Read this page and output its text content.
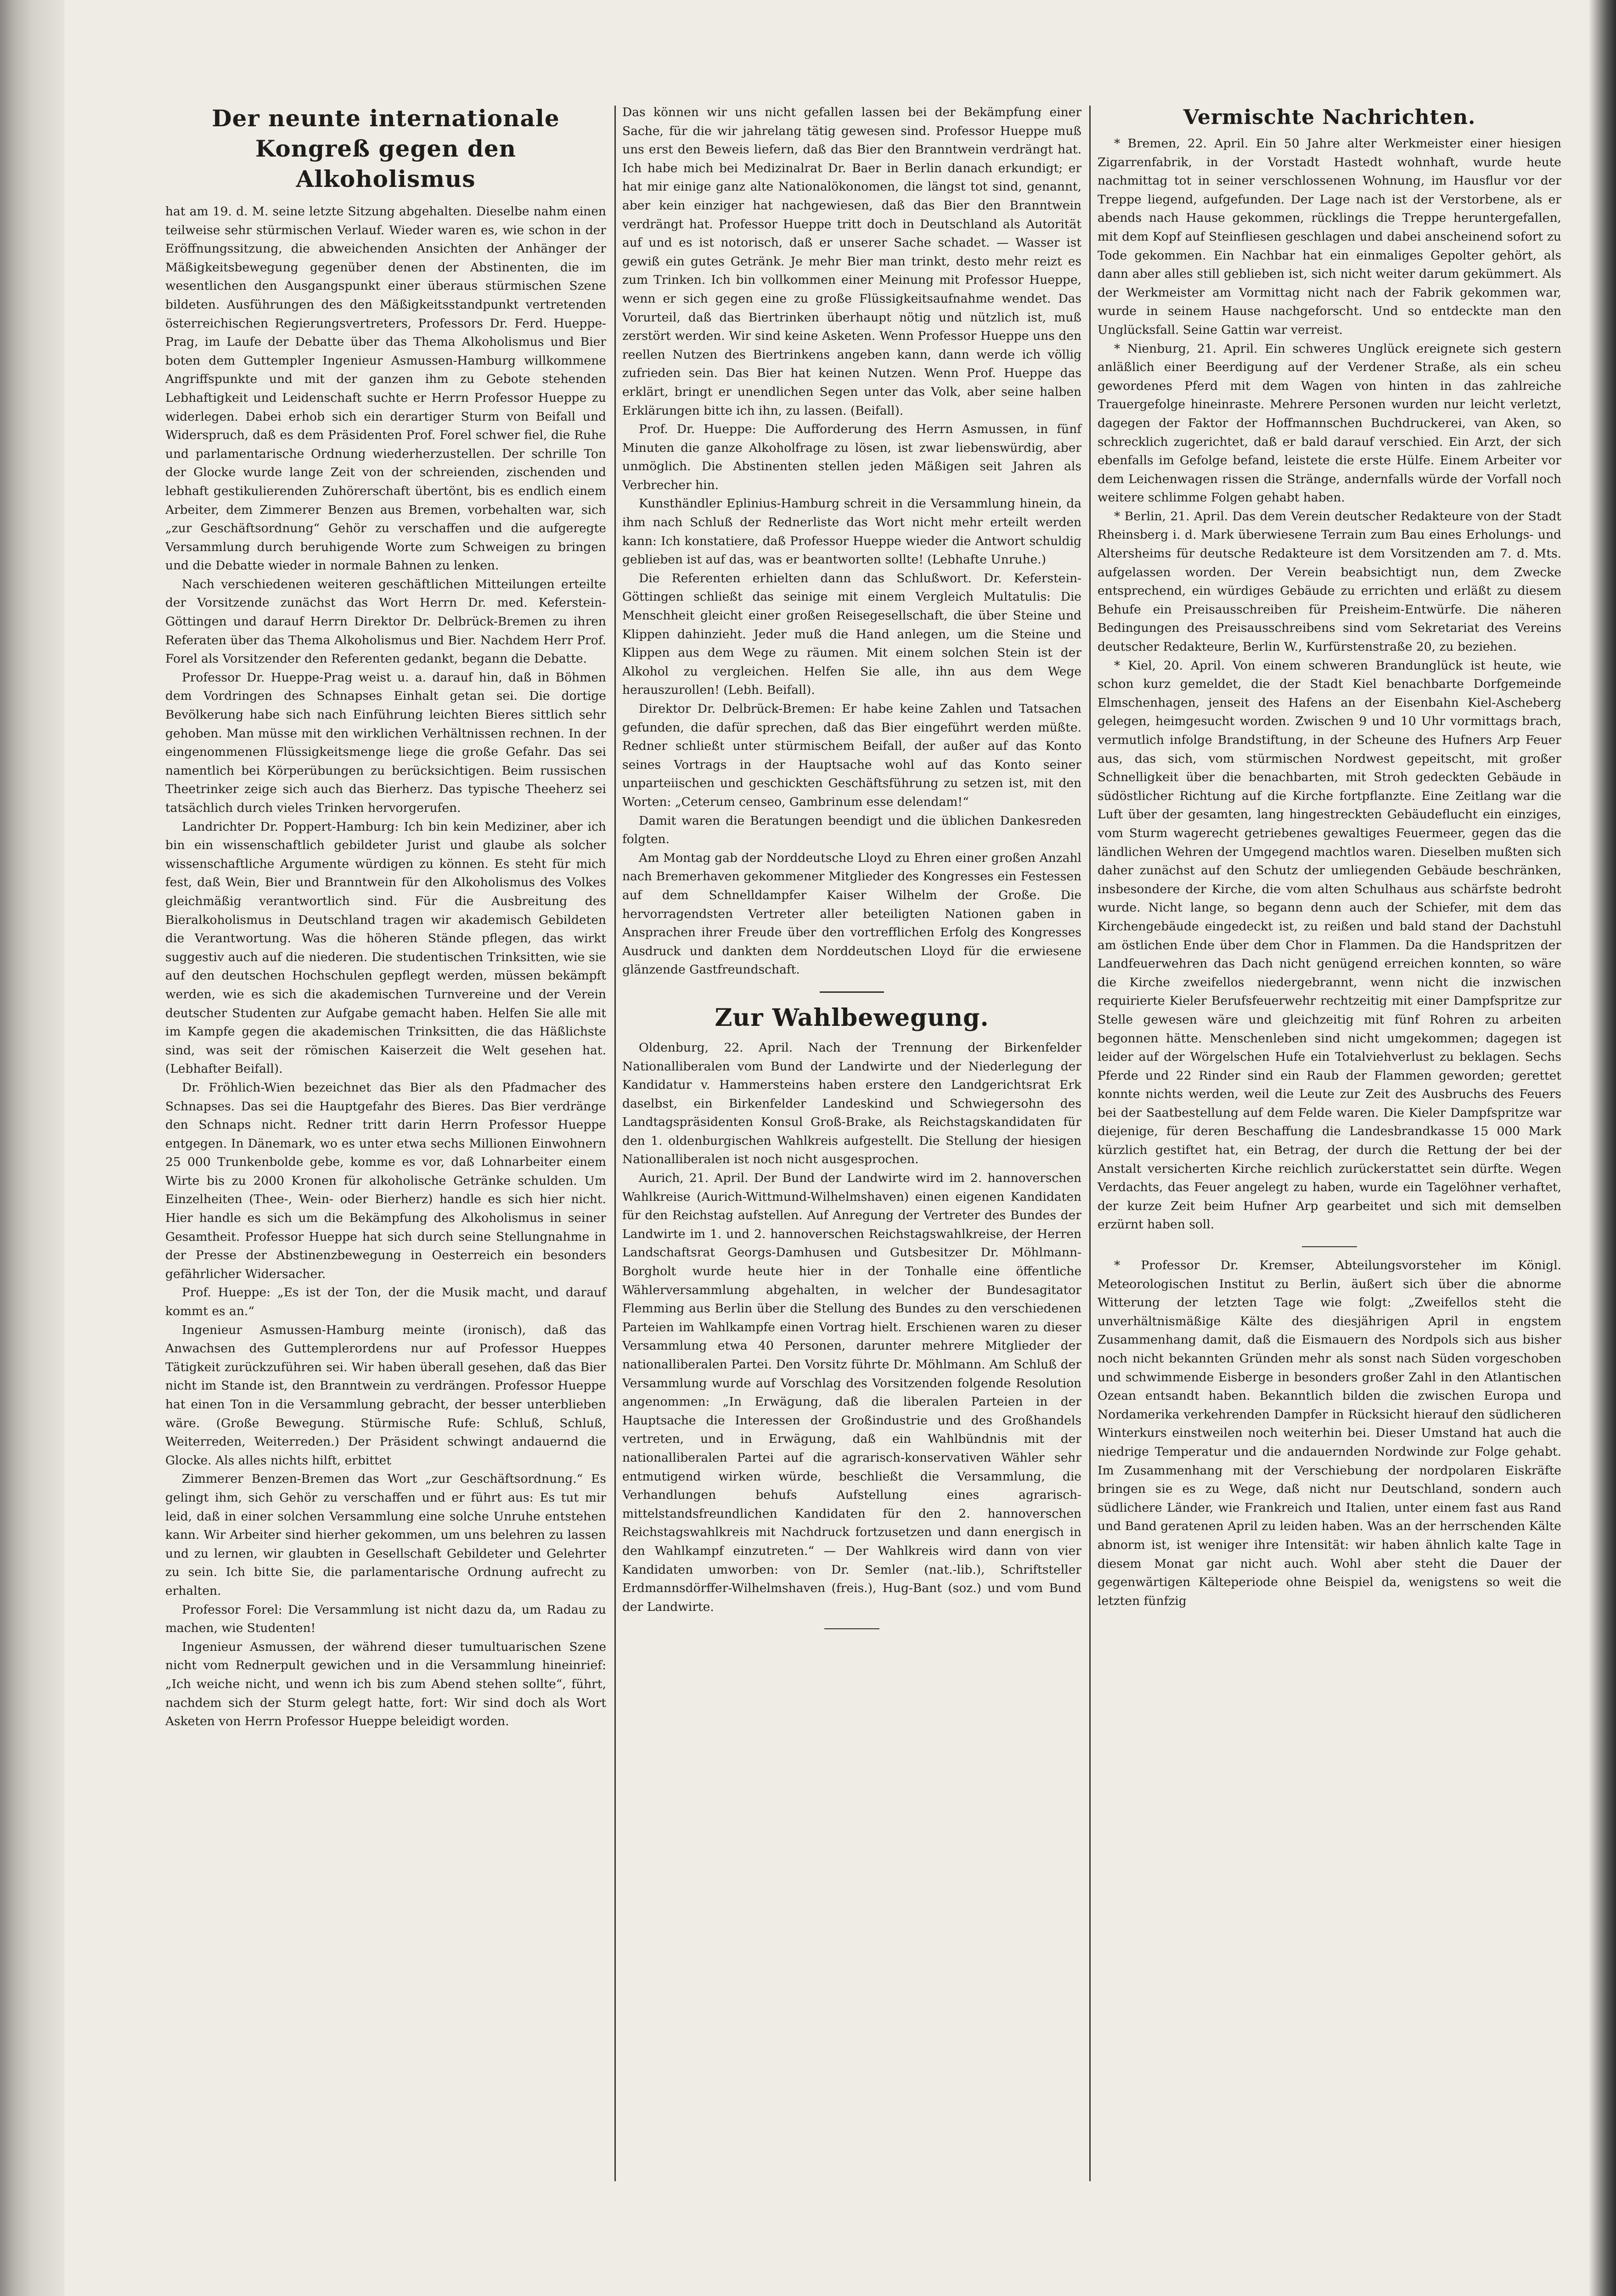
Der neunte internationale Kongreß gegen den Alkoholismus

hat am 19. d. M. seine letzte Sitzung abgehalten. Dieselbe nahm einen teilweise sehr stürmischen Verlauf. Wieder waren es, wie schon in der Eröffnungssitzung, die abweichenden Ansichten der Anhänger der Mäßigkeitsbewegung gegenüber denen der Abstinenten, die im wesentlichen den Ausgangspunkt einer überaus stürmischen Szene bildeten. Ausführungen des den Mäßigkeitsstandpunkt vertretenden österreichischen Regierungsvertreters, Professors Dr. Ferd. Hueppe-Prag, im Laufe der Debatte über das Thema Alkoholismus und Bier boten dem Guttempler Ingenieur Asmussen-Hamburg willkommene Angriffspunkte und mit der ganzen ihm zu Gebote stehenden Lebhaftigkeit und Leidenschaft suchte er Herrn Professor Hueppe zu widerlegen. Dabei erhob sich ein derartiger Sturm von Beifall und Widerspruch, daß es dem Präsidenten Prof. Forel schwer fiel, die Ruhe und parlamentarische Ordnung wiederherzustellen. Der schrille Ton der Glocke wurde lange Zeit von der schreienden, zischenden und lebhaft gestikulierenden Zuhörerschaft übertönt, bis es endlich einem Arbeiter, dem Zimmerer Benzen aus Bremen, vorbehalten war, sich „zur Geschäftsordnung“ Gehör zu verschaffen und die aufgeregte Versammlung durch beruhigende Worte zum Schweigen zu bringen und die Debatte wieder in normale Bahnen zu lenken.

Nach verschiedenen weiteren geschäftlichen Mitteilungen erteilte der Vorsitzende zunächst das Wort Herrn Dr. med. Keferstein-Göttingen und darauf Herrn Direktor Dr. Delbrück-Bremen zu ihren Referaten über das Thema Alkoholismus und Bier. Nachdem Herr Prof. Forel als Vorsitzender den Referenten gedankt, begann die Debatte.

Professor Dr. Hueppe-Prag weist u. a. darauf hin, daß in Böhmen dem Vordringen des Schnapses Einhalt getan sei. Die dortige Bevölkerung habe sich nach Einführung leichten Bieres sittlich sehr gehoben. Man müsse mit den wirklichen Verhältnissen rechnen. In der eingenommenen Flüssigkeitsmenge liege die große Gefahr. Das sei namentlich bei Körperübungen zu berücksichtigen. Beim russischen Theetrinker zeige sich auch das Bierherz. Das typische Theeherz sei tatsächlich durch vieles Trinken hervorgerufen.

Landrichter Dr. Poppert-Hamburg: Ich bin kein Mediziner, aber ich bin ein wissenschaftlich gebildeter Jurist und glaube als solcher wissenschaftliche Argumente würdigen zu können. Es steht für mich fest, daß Wein, Bier und Branntwein für den Alkoholismus des Volkes gleichmäßig verantwortlich sind. Für die Ausbreitung des Bieralkoholismus in Deutschland tragen wir akademisch Gebildeten die Verantwortung. Was die höheren Stände pflegen, das wirkt suggestiv auch auf die niederen. Die studentischen Trinksitten, wie sie auf den deutschen Hochschulen gepflegt werden, müssen bekämpft werden, wie es sich die akademischen Turnvereine und der Verein deutscher Studenten zur Aufgabe gemacht haben. Helfen Sie alle mit im Kampfe gegen die akademischen Trinksitten, die das Häßlichste sind, was seit der römischen Kaiserzeit die Welt gesehen hat. (Lebhafter Beifall).

Dr. Fröhlich-Wien bezeichnet das Bier als den Pfadmacher des Schnapses. Das sei die Hauptgefahr des Bieres. Das Bier verdränge den Schnaps nicht. Redner tritt darin Herrn Professor Hueppe entgegen. In Dänemark, wo es unter etwa sechs Millionen Einwohnern 25 000 Trunkenbolde gebe, komme es vor, daß Lohnarbeiter einem Wirte bis zu 2000 Kronen für alkoholische Getränke schulden. Um Einzelheiten (Thee-, Wein- oder Bierherz) handle es sich hier nicht. Hier handle es sich um die Bekämpfung des Alkoholismus in seiner Gesamtheit. Professor Hueppe hat sich durch seine Stellungnahme in der Presse der Abstinenzbewegung in Oesterreich ein besonders gefährlicher Widersacher.

Prof. Hueppe: „Es ist der Ton, der die Musik macht, und darauf kommt es an.“

Ingenieur Asmussen-Hamburg meinte (ironisch), daß das Anwachsen des Guttemplerordens nur auf Professor Hueppes Tätigkeit zurückzuführen sei. Wir haben überall gesehen, daß das Bier nicht im Stande ist, den Branntwein zu verdrängen. Professor Hueppe hat einen Ton in die Versammlung gebracht, der besser unterblieben wäre. (Große Bewegung. Stürmische Rufe: Schluß, Schluß, Weiterreden, Weiterreden.) Der Präsident schwingt andauernd die Glocke. Als alles nichts hilft, erbittet

Zimmerer Benzen-Bremen das Wort „zur Geschäftsordnung.“ Es gelingt ihm, sich Gehör zu verschaffen und er führt aus: Es tut mir leid, daß in einer solchen Versammlung eine solche Unruhe entstehen kann. Wir Arbeiter sind hierher gekommen, um uns belehren zu lassen und zu lernen, wir glaubten in Gesellschaft Gebildeter und Gelehrter zu sein. Ich bitte Sie, die parlamentarische Ordnung aufrecht zu erhalten.

Professor Forel: Die Versammlung ist nicht dazu da, um Radau zu machen, wie Studenten!

Ingenieur Asmussen, der während dieser tumultuarischen Szene nicht vom Rednerpult gewichen und in die Versammlung hineinrief: „Ich weiche nicht, und wenn ich bis zum Abend stehen sollte“, führt, nachdem sich der Sturm gelegt hatte, fort: Wir sind doch als Wort Asketen von Herrn Professor Hueppe beleidigt worden.

Das können wir uns nicht gefallen lassen bei der Bekämpfung einer Sache, für die wir jahrelang tätig gewesen sind. Professor Hueppe muß uns erst den Beweis liefern, daß das Bier den Branntwein verdrängt hat. Ich habe mich bei Medizinalrat Dr. Baer in Berlin danach erkundigt; er hat mir einige ganz alte Nationalökonomen, die längst tot sind, genannt, aber kein einziger hat nachgewiesen, daß das Bier den Branntwein verdrängt hat. Professor Hueppe tritt doch in Deutschland als Autorität auf und es ist notorisch, daß er unserer Sache schadet. — Wasser ist gewiß ein gutes Getränk. Je mehr Bier man trinkt, desto mehr reizt es zum Trinken. Ich bin vollkommen einer Meinung mit Professor Hueppe, wenn er sich gegen eine zu große Flüssigkeitsaufnahme wendet. Das Vorurteil, daß das Biertrinken überhaupt nötig und nützlich ist, muß zerstört werden. Wir sind keine Asketen. Wenn Professor Hueppe uns den reellen Nutzen des Biertrinkens angeben kann, dann werde ich völlig zufrieden sein. Das Bier hat keinen Nutzen. Wenn Prof. Hueppe das erklärt, bringt er unendlichen Segen unter das Volk, aber seine halben Erklärungen bitte ich ihn, zu lassen. (Beifall).

Prof. Dr. Hueppe: Die Aufforderung des Herrn Asmussen, in fünf Minuten die ganze Alkoholfrage zu lösen, ist zwar liebenswürdig, aber unmöglich. Die Abstinenten stellen jeden Mäßigen seit Jahren als Verbrecher hin.

Kunsthändler Eplinius-Hamburg schreit in die Versammlung hinein, da ihm nach Schluß der Rednerliste das Wort nicht mehr erteilt werden kann: Ich konstatiere, daß Professor Hueppe wieder die Antwort schuldig geblieben ist auf das, was er beantworten sollte! (Lebhafte Unruhe.)

Die Referenten erhielten dann das Schlußwort. Dr. Keferstein-Göttingen schließt das seinige mit einem Vergleich Multatulis: Die Menschheit gleicht einer großen Reisegesellschaft, die über Steine und Klippen dahinzieht. Jeder muß die Hand anlegen, um die Steine und Klippen aus dem Wege zu räumen. Mit einem solchen Stein ist der Alkohol zu vergleichen. Helfen Sie alle, ihn aus dem Wege herauszurollen! (Lebh. Beifall).

Direktor Dr. Delbrück-Bremen: Er habe keine Zahlen und Tatsachen gefunden, die dafür sprechen, daß das Bier eingeführt werden müßte. Redner schließt unter stürmischem Beifall, der außer auf das Konto seines Vortrags in der Hauptsache wohl auf das Konto seiner unparteiischen und geschickten Geschäftsführung zu setzen ist, mit den Worten: „Ceterum censeo, Gambrinum esse delendam!“

Damit waren die Beratungen beendigt und die üblichen Dankesreden folgten.

Am Montag gab der Norddeutsche Lloyd zu Ehren einer großen Anzahl nach Bremerhaven gekommener Mitglieder des Kongresses ein Festessen auf dem Schnelldampfer Kaiser Wilhelm der Große. Die hervorragendsten Vertreter aller beteiligten Nationen gaben in Ansprachen ihrer Freude über den vortrefflichen Erfolg des Kongresses Ausdruck und dankten dem Norddeutschen Lloyd für die erwiesene glänzende Gastfreundschaft.

Zur Wahlbewegung.

Oldenburg, 22. April. Nach der Trennung der Birkenfelder Nationalliberalen vom Bund der Landwirte und der Niederlegung der Kandidatur v. Hammersteins haben erstere den Landgerichtsrat Erk daselbst, ein Birkenfelder Landeskind und Schwiegersohn des Landtagspräsidenten Konsul Groß-Brake, als Reichstagskandidaten für den 1. oldenburgischen Wahlkreis aufgestellt. Die Stellung der hiesigen Nationalliberalen ist noch nicht ausgesprochen.

Aurich, 21. April. Der Bund der Landwirte wird im 2. hannoverschen Wahlkreise (Aurich-Wittmund-Wilhelmshaven) einen eigenen Kandidaten für den Reichstag aufstellen. Auf Anregung der Vertreter des Bundes der Landwirte im 1. und 2. hannoverschen Reichstagswahlkreise, der Herren Landschaftsrat Georgs-Damhusen und Gutsbesitzer Dr. Möhlmann-Borgholt wurde heute hier in der Tonhalle eine öffentliche Wählerversammlung abgehalten, in welcher der Bundesagitator Flemming aus Berlin über die Stellung des Bundes zu den verschiedenen Parteien im Wahlkampfe einen Vortrag hielt. Erschienen waren zu dieser Versammlung etwa 40 Personen, darunter mehrere Mitglieder der nationalliberalen Partei. Den Vorsitz führte Dr. Möhlmann. Am Schluß der Versammlung wurde auf Vorschlag des Vorsitzenden folgende Resolution angenommen: „In Erwägung, daß die liberalen Parteien in der Hauptsache die Interessen der Großindustrie und des Großhandels vertreten, und in Erwägung, daß ein Wahlbündnis mit der nationalliberalen Partei auf die agrarisch-konservativen Wähler sehr entmutigend wirken würde, beschließt die Versammlung, die Verhandlungen behufs Aufstellung eines agrarisch-mittelstandsfreundlichen Kandidaten für den 2. hannoverschen Reichstagswahlkreis mit Nachdruck fortzusetzen und dann energisch in den Wahlkampf einzutreten.“ — Der Wahlkreis wird dann von vier Kandidaten umworben: von Dr. Semler (nat.-lib.), Schriftsteller Erdmannsdörffer-Wilhelmshaven (freis.), Hug-Bant (soz.) und vom Bund der Landwirte.

Vermischte Nachrichten.

* Bremen, 22. April. Ein 50 Jahre alter Werkmeister einer hiesigen Zigarrenfabrik, in der Vorstadt Hastedt wohnhaft, wurde heute nachmittag tot in seiner verschlossenen Wohnung, im Hausflur vor der Treppe liegend, aufgefunden. Der Lage nach ist der Verstorbene, als er abends nach Hause gekommen, rücklings die Treppe heruntergefallen, mit dem Kopf auf Steinfliesen geschlagen und dabei anscheinend sofort zu Tode gekommen. Ein Nachbar hat ein einmaliges Gepolter gehört, als dann aber alles still geblieben ist, sich nicht weiter darum gekümmert. Als der Werkmeister am Vormittag nicht nach der Fabrik gekommen war, wurde in seinem Hause nachgeforscht. Und so entdeckte man den Unglücksfall. Seine Gattin war verreist.

* Nienburg, 21. April. Ein schweres Unglück ereignete sich gestern anläßlich einer Beerdigung auf der Verdener Straße, als ein scheu gewordenes Pferd mit dem Wagen von hinten in das zahlreiche Trauergefolge hineinraste. Mehrere Personen wurden nur leicht verletzt, dagegen der Faktor der Hoffmannschen Buchdruckerei, van Aken, so schrecklich zugerichtet, daß er bald darauf verschied. Ein Arzt, der sich ebenfalls im Gefolge befand, leistete die erste Hülfe. Einem Arbeiter vor dem Leichenwagen rissen die Stränge, andernfalls würde der Vorfall noch weitere schlimme Folgen gehabt haben.

* Berlin, 21. April. Das dem Verein deutscher Redakteure von der Stadt Rheinsberg i. d. Mark überwiesene Terrain zum Bau eines Erholungs- und Altersheims für deutsche Redakteure ist dem Vorsitzenden am 7. d. Mts. aufgelassen worden. Der Verein beabsichtigt nun, dem Zwecke entsprechend, ein würdiges Gebäude zu errichten und erläßt zu diesem Behufe ein Preisausschreiben für Preisheim-Entwürfe. Die näheren Bedingungen des Preisausschreibens sind vom Sekretariat des Vereins deutscher Redakteure, Berlin W., Kurfürstenstraße 20, zu beziehen.

* Kiel, 20. April. Von einem schweren Brandunglück ist heute, wie schon kurz gemeldet, die der Stadt Kiel benachbarte Dorfgemeinde Elmschenhagen, jenseit des Hafens an der Eisenbahn Kiel-Ascheberg gelegen, heimgesucht worden. Zwischen 9 und 10 Uhr vormittags brach, vermutlich infolge Brandstiftung, in der Scheune des Hufners Arp Feuer aus, das sich, vom stürmischen Nordwest gepeitscht, mit großer Schnelligkeit über die benachbarten, mit Stroh gedeckten Gebäude in südöstlicher Richtung auf die Kirche fortpflanzte. Eine Zeitlang war die Luft über der gesamten, lang hingestreckten Gebäudeflucht ein einziges, vom Sturm wagerecht getriebenes gewaltiges Feuermeer, gegen das die ländlichen Wehren der Umgegend machtlos waren. Dieselben mußten sich daher zunächst auf den Schutz der umliegenden Gebäude beschränken, insbesondere der Kirche, die vom alten Schulhaus aus schärfste bedroht wurde. Nicht lange, so begann denn auch der Schiefer, mit dem das Kirchengebäude eingedeckt ist, zu reißen und bald stand der Dachstuhl am östlichen Ende über dem Chor in Flammen. Da die Handspritzen der Landfeuerwehren das Dach nicht genügend erreichen konnten, so wäre die Kirche zweifellos niedergebrannt, wenn nicht die inzwischen requirierte Kieler Berufsfeuerwehr rechtzeitig mit einer Dampfspritze zur Stelle gewesen wäre und gleichzeitig mit fünf Rohren zu arbeiten begonnen hätte. Menschenleben sind nicht umgekommen; dagegen ist leider auf der Wörgelschen Hufe ein Totalviehverlust zu beklagen. Sechs Pferde und 22 Rinder sind ein Raub der Flammen geworden; gerettet konnte nichts werden, weil die Leute zur Zeit des Ausbruchs des Feuers bei der Saatbestellung auf dem Felde waren. Die Kieler Dampfspritze war diejenige, für deren Beschaffung die Landesbrandkasse 15 000 Mark kürzlich gestiftet hat, ein Betrag, der durch die Rettung der bei der Anstalt versicherten Kirche reichlich zurückerstattet sein dürfte. Wegen Verdachts, das Feuer angelegt zu haben, wurde ein Tagelöhner verhaftet, der kurze Zeit beim Hufner Arp gearbeitet und sich mit demselben erzürnt haben soll.

* Professor Dr. Kremser, Abteilungsvorsteher im Königl. Meteorologischen Institut zu Berlin, äußert sich über die abnorme Witterung der letzten Tage wie folgt: „Zweifellos steht die unverhältnismäßige Kälte des diesjährigen April in engstem Zusammenhang damit, daß die Eismauern des Nordpols sich aus bisher noch nicht bekannten Gründen mehr als sonst nach Süden vorgeschoben und schwimmende Eisberge in besonders großer Zahl in den Atlantischen Ozean entsandt haben. Bekanntlich bilden die zwischen Europa und Nordamerika verkehrenden Dampfer in Rücksicht hierauf den südlicheren Winterkurs einstweilen noch weiterhin bei. Dieser Umstand hat auch die niedrige Temperatur und die andauernden Nordwinde zur Folge gehabt. Im Zusammenhang mit der Verschiebung der nordpolaren Eiskräfte bringen sie es zu Wege, daß nicht nur Deutschland, sondern auch südlichere Länder, wie Frankreich und Italien, unter einem fast aus Rand und Band geratenen April zu leiden haben. Was an der herrschenden Kälte abnorm ist, ist weniger ihre Intensität: wir haben ähnlich kalte Tage in diesem Monat gar nicht auch. Wohl aber steht die Dauer der gegenwärtigen Kälteperiode ohne Beispiel da, wenigstens so weit die letzten fünfzig
